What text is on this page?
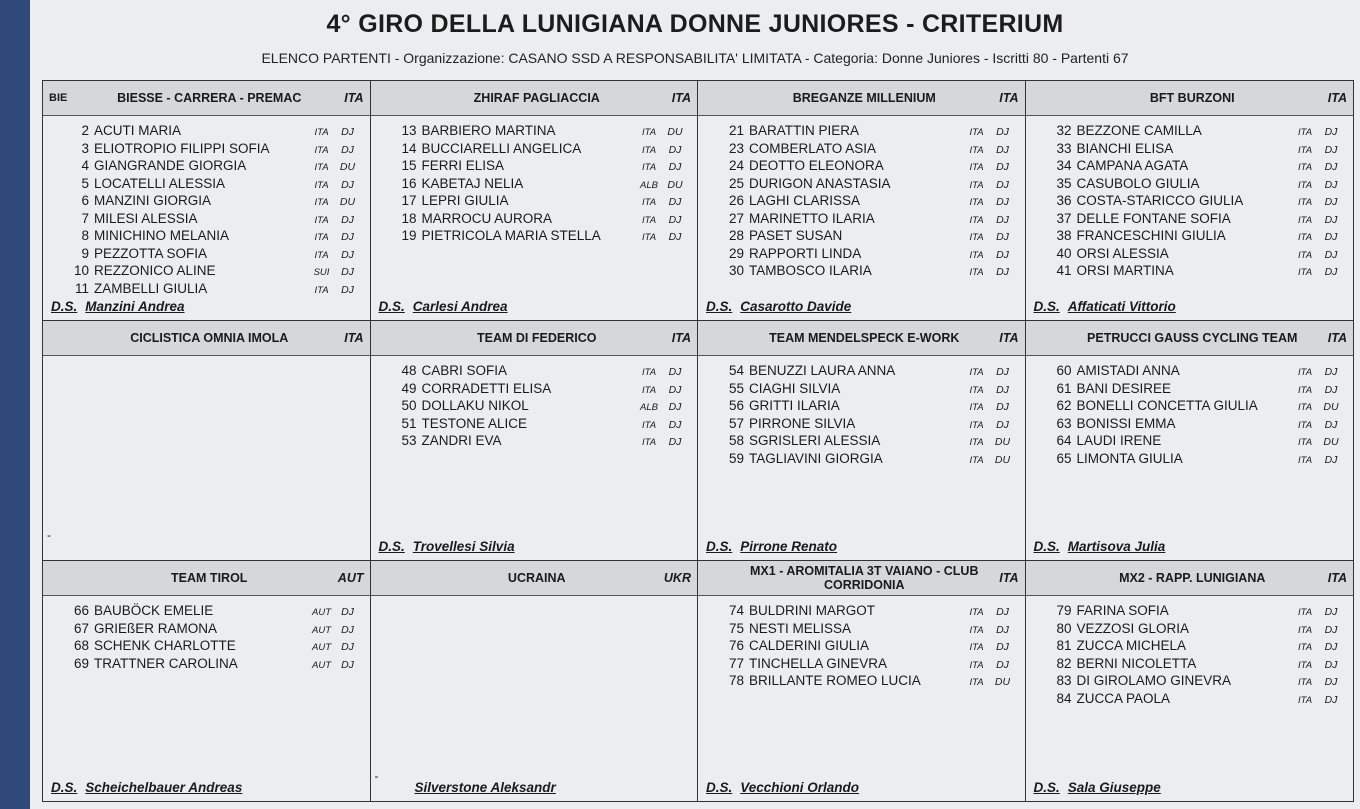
4° GIRO DELLA LUNIGIANA DONNE JUNIORES - CRITERIUM
ELENCO PARTENTI - Organizzazione: CASANO SSD A RESPONSABILITA' LIMITATA - Categoria: Donne Juniores - Iscritti 80 - Partenti 67
BIE	BIESSE - CARRERA - PREMAC	ITA
2 ACUTI MARIA	ITA	DJ
3 ELIOTROPIO FILIPPI SOFIA	ITA	DJ
4 GIANGRANDE GIORGIA	ITA	DU
5 LOCATELLI ALESSIA	ITA	DJ
6 MANZINI GIORGIA	ITA	DU
7 MILESI ALESSIA	ITA	DJ
8 MINICHINO MELANIA	ITA	DJ
9 PEZZOTTA SOFIA	ITA	DJ
10 REZZONICO ALINE	SUI	DJ
11 ZAMBELLI GIULIA	ITA	DJ
D.S. Manzini Andrea
ZHIRAF PAGLIACCIA	ITA
13 BARBIERO MARTINA	ITA	DU
14 BUCCIARELLI ANGELICA	ITA	DJ
15 FERRI ELISA	ITA	DJ
16 KABETAJ NELIA	ALB DU
17 LEPRI GIULIA	ITA	DJ
18 MARROCU AURORA	ITA	DJ
19 PIETRICOLA MARIA STELLA	ITA	DJ
D.S. Carlesi Andrea
BREGANZE MILLENIUM	ITA
21 BARATTIN PIERA	ITA	DJ
23 COMBERLATO ASIA	ITA	DJ
24 DEOTTO ELEONORA	ITA	DJ
25 DURIGON ANASTASIA	ITA	DJ
26 LAGHI CLARISSA	ITA	DJ
27 MARINETTO ILARIA	ITA	DJ
28 PASET SUSAN	ITA	DJ
29 RAPPORTI LINDA	ITA	DJ
30 TAMBOSCO ILARIA	ITA	DJ
D.S. Casarotto Davide
BFT BURZONI	ITA
32 BEZZONE CAMILLA	ITA	DJ
33 BIANCHI ELISA	ITA	DJ
34 CAMPANA AGATA	ITA	DJ
35 CASUBOLO GIULIA	ITA	DJ
36 COSTA-STARICCO GIULIA	ITA	DJ
37 DELLE FONTANE SOFIA	ITA	DJ
38 FRANCESCHINI GIULIA	ITA	DJ
40 ORSI ALESSIA	ITA	DJ
41 ORSI MARTINA	ITA	DJ
D.S. Affaticati Vittorio
CICLISTICA OMNIA IMOLA	ITA
-
TEAM DI FEDERICO	ITA
48 CABRI SOFIA	ITA	DJ
49 CORRADETTI ELISA	ITA	DJ
50 DOLLAKU NIKOL	ALB	DJ
51 TESTONE ALICE	ITA	DJ
53 ZANDRI EVA	ITA	DJ
D.S. Trovellesi Silvia
TEAM MENDELSPECK E-WORK	ITA
54 BENUZZI LAURA ANNA	ITA	DJ
55 CIAGHI SILVIA	ITA	DJ
56 GRITTI ILARIA	ITA	DJ
57 PIRRONE SILVIA	ITA	DJ
58 SGRISLERI ALESSIA	ITA	DU
59 TAGLIAVINI GIORGIA	ITA	DU
D.S. Pirrone Renato
PETRUCCI GAUSS CYCLING TEAM	ITA
60 AMISTADI ANNA	ITA	DJ
61 BANI DESIREE	ITA	DJ
62 BONELLI CONCETTA GIULIA	ITA	DU
63 BONISSI EMMA	ITA	DJ
64 LAUDI IRENE	ITA	DU
65 LIMONTA GIULIA	ITA	DJ
D.S. Martisova Julia
TEAM TIROL	AUT
66 BAUBÖCK EMELIE	AUT DJ
67 GRIEßER RAMONA	AUT DJ
68 SCHENK CHARLOTTE	AUT DJ
69 TRATTNER CAROLINA	AUT DJ
D.S. Scheichelbauer Andreas
UCRAINA	UKR
-
Silverstone Aleksandr
MX1 - AROMITALIA 3T VAIANO - CLUB CORRIDONIA	ITA
74 BULDRINI MARGOT	ITA	DJ
75 NESTI MELISSA	ITA	DJ
76 CALDERINI GIULIA	ITA	DJ
77 TINCHELLA GINEVRA	ITA	DJ
78 BRILLANTE ROMEO LUCIA	ITA	DU
D.S. Vecchioni Orlando
MX2 - RAPP. LUNIGIANA	ITA
79 FARINA SOFIA	ITA	DJ
80 VEZZOSI GLORIA	ITA	DJ
81 ZUCCA MICHELA	ITA	DJ
82 BERNI NICOLETTA	ITA	DJ
83 DI GIROLAMO GINEVRA	ITA	DJ
84 ZUCCA PAOLA	ITA	DJ
D.S. Sala Giuseppe
